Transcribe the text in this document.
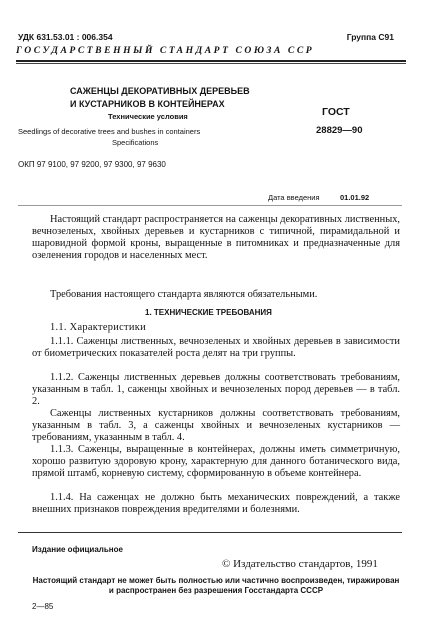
УДК 631.53.01 : 006.354	Группа С91
ГОСУДАРСТВЕННЫЙ СТАНДАРТ СОЮЗА ССР
САЖЕНЦЫ ДЕКОРАТИВНЫХ ДЕРЕВЬЕВ
И КУСТАРНИКОВ В КОНТЕЙНЕРАХ
Технические условия
Seedlings of decorative trees and bushes in containers
Specifications
ГОСТ
28829—90
ОКП 97 9100, 97 9200, 97 9300, 97 9630
Дата введения	01.01.92
Настоящий стандарт распространяется на саженцы декоративных лиственных, вечнозеленых, хвойных деревьев и кустарников с типичной, пирамидальной и шаровидной формой кроны, выращенные в питомниках и предназначенные для озеленения городов и населенных мест.
Требования настоящего стандарта являются обязательными.
1. ТЕХНИЧЕСКИЕ ТРЕБОВАНИЯ
1.1. Характеристики
1.1.1. Саженцы лиственных, вечнозеленых и хвойных деревьев в зависимости от биометрических показателей роста делят на три группы.
1.1.2. Саженцы лиственных деревьев должны соответствовать требованиям, указанным в табл. 1, саженцы хвойных и вечнозеленых пород деревьев — в табл. 2.
Саженцы лиственных кустарников должны соответствовать требованиям, указанным в табл. 3, а саженцы хвойных и вечнозеленых кустарников — требованиям, указанным в табл. 4.
1.1.3. Саженцы, выращенные в контейнерах, должны иметь симметричную, хорошо развитую здоровую крону, характерную для данного ботанического вида, прямой штамб, корневую систему, сформированную в объеме контейнера.
1.1.4. На саженцах не должно быть механических повреждений, а также внешних признаков повреждения вредителями и болезнями.
Издание официальное
© Издательство стандартов, 1991
Настоящий стандарт не может быть полностью или частично воспроизведен, тиражирован и распространен без разрешения Госстандарта СССР
2—85
